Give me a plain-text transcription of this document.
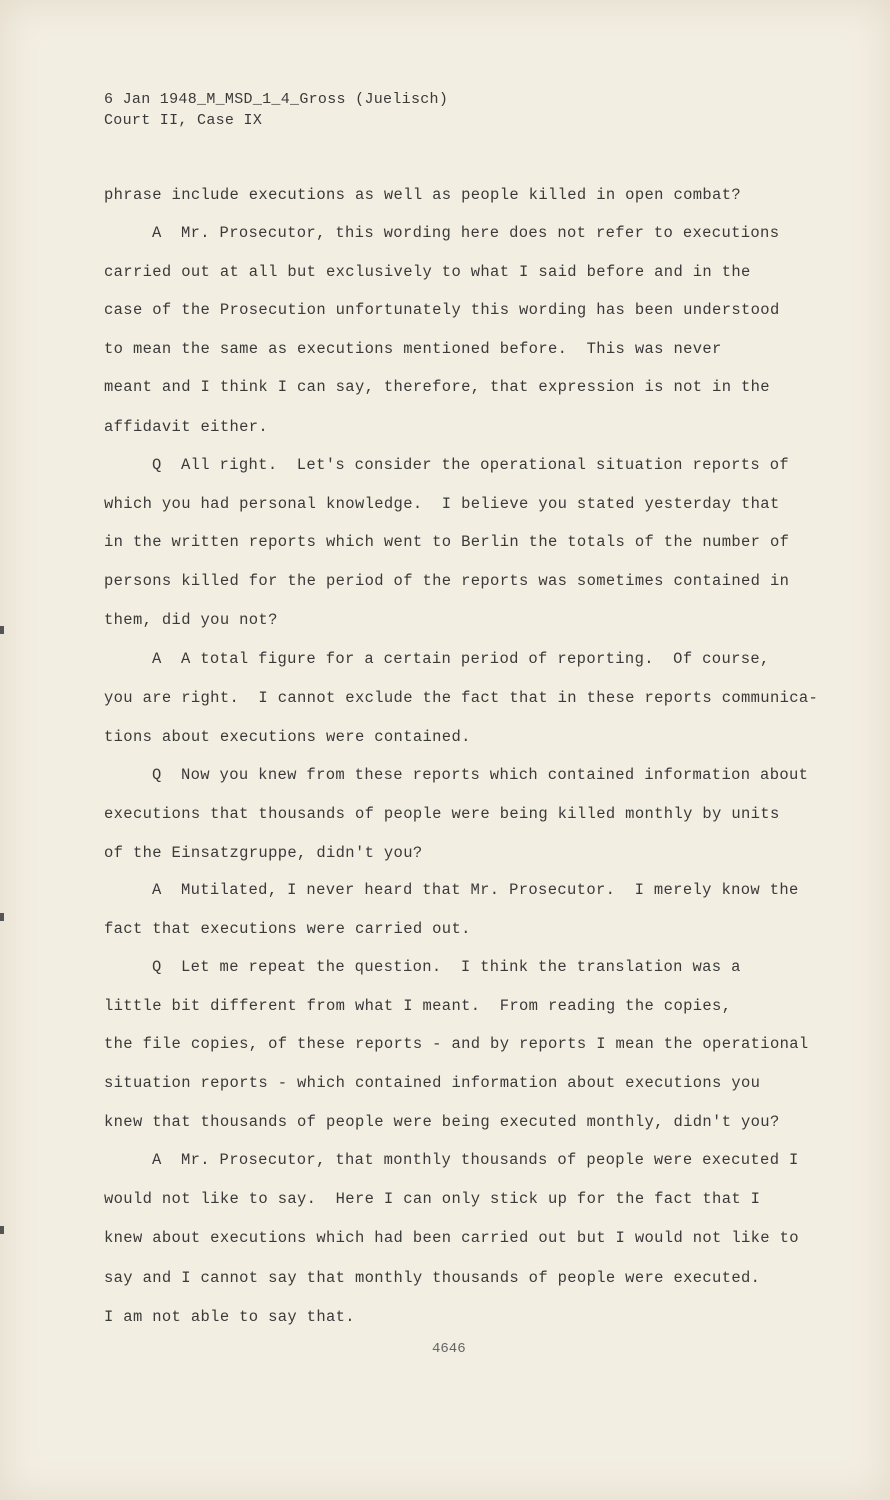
6 Jan 1948_M_MSD_1_4_Gross (Juelisch)
Court II, Case IX
phrase include executions as well as people killed in open combat?
A  Mr. Prosecutor, this wording here does not refer to executions
carried out at all but exclusively to what I said before and in the
case of the Prosecution unfortunately this wording has been understood
to mean the same as executions mentioned before.  This was never
meant and I think I can say, therefore, that expression is not in the
affidavit either.
Q  All right.  Let's consider the operational situation reports of
which you had personal knowledge.  I believe you stated yesterday that
in the written reports which went to Berlin the totals of the number of
persons killed for the period of the reports was sometimes contained in
them, did you not?
A  A total figure for a certain period of reporting.  Of course,
you are right.  I cannot exclude the fact that in these reports communica-
tions about executions were contained.
Q  Now you knew from these reports which contained information about
executions that thousands of people were being killed monthly by units
of the Einsatzgruppe, didn't you?
A  Mutilated, I never heard that Mr. Prosecutor.  I merely know the
fact that executions were carried out.
Q  Let me repeat the question.  I think the translation was a
little bit different from what I meant.  From reading the copies,
the file copies, of these reports - and by reports I mean the operational
situation reports - which contained information about executions you
knew that thousands of people were being executed monthly, didn't you?
A  Mr. Prosecutor, that monthly thousands of people were executed I
would not like to say.  Here I can only stick up for the fact that I
knew about executions which had been carried out but I would not like to
say and I cannot say that monthly thousands of people were executed.
I am not able to say that.
4646
